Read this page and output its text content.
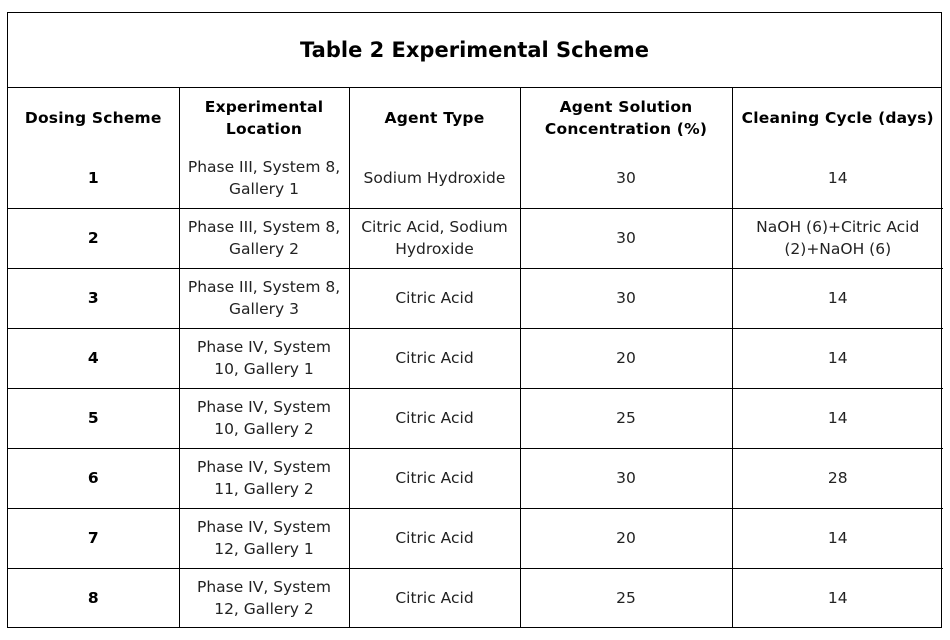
Table 2 Experimental Scheme
Dosing Scheme	Experimental Location	Agent Type	Agent Solution Concentration (%)	Cleaning Cycle (days)
1	Phase III, System 8, Gallery 1	Sodium Hydroxide	30	14
2	Phase III, System 8, Gallery 2	Citric Acid, Sodium Hydroxide	30	NaOH (6)+Citric Acid (2)+NaOH (6)
3	Phase III, System 8, Gallery 3	Citric Acid	30	14
4	Phase IV, System 10, Gallery 1	Citric Acid	20	14
5	Phase IV, System 10, Gallery 2	Citric Acid	25	14
6	Phase IV, System 11, Gallery 2	Citric Acid	30	28
7	Phase IV, System 12, Gallery 1	Citric Acid	20	14
8	Phase IV, System 12, Gallery 2	Citric Acid	25	14
